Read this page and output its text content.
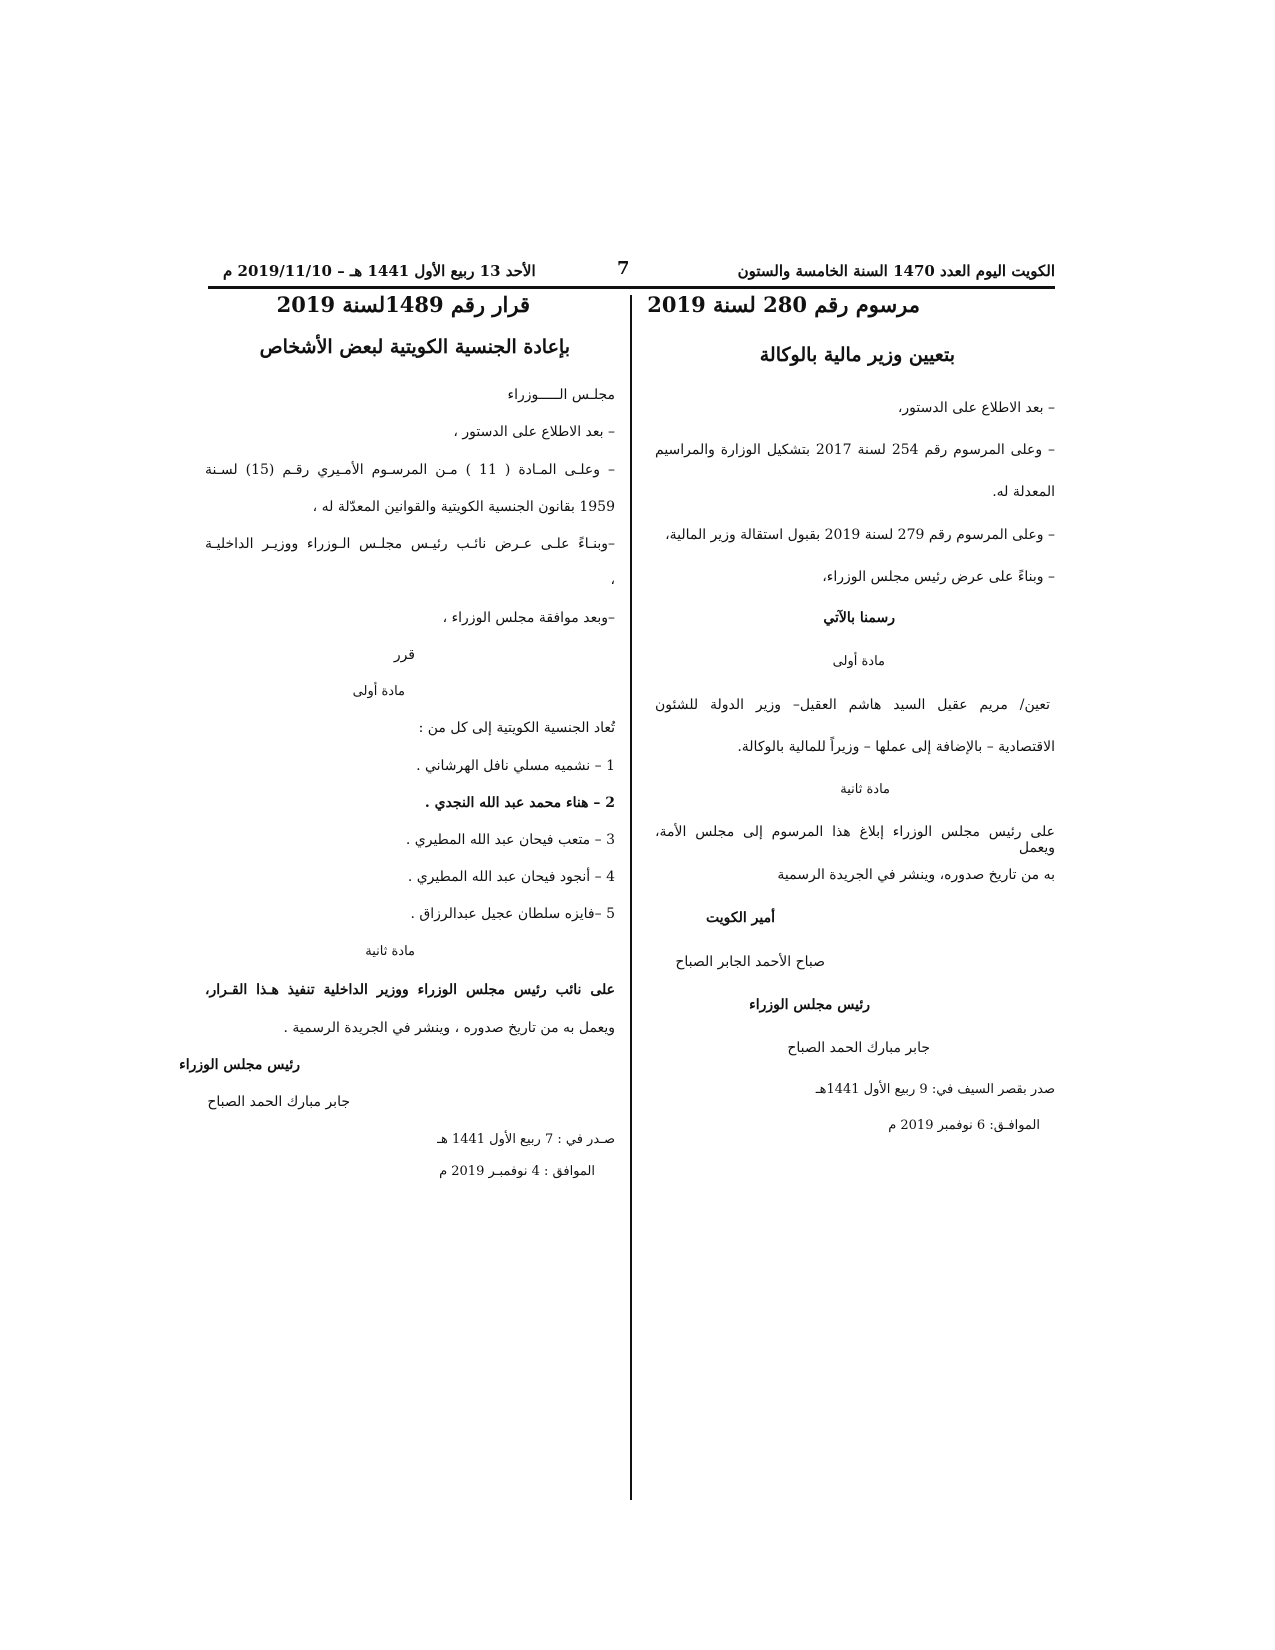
الكويت اليوم العدد 1470 السنة الخامسة والستون
7
الأحد 13 ربيع الأول 1441 هـ – 2019/11/10 م
مرسوم رقم 280 لسنة 2019
بتعيين وزير مالية بالوكالة
– بعد الاطلاع على الدستور،
– وعلى المرسوم رقم 254 لسنة 2017 بتشكيل الوزارة والمراسيم
المعدلة له.
– وعلى المرسوم رقم 279 لسنة 2019 بقبول استقالة وزير المالية،
– وبناءً على عرض رئيس مجلس الوزراء،
رسمنا بالآتي
مادة أولى
تعين/ مريم عقيل السيد هاشم العقيل– وزير الدولة للشئون
الاقتصادية – بالإضافة إلى عملها – وزيراً للمالية بالوكالة.
مادة ثانية
على رئيس مجلس الوزراء إبلاغ هذا المرسوم إلى مجلس الأمة، ويعمل
به من تاريخ صدوره، وينشر في الجريدة الرسمية
أمير الكويت
صباح الأحمد الجابر الصباح
رئيس مجلس الوزراء
جابر مبارك الحمد الصباح
صدر بقصر السيف في: 9 ربيع الأول 1441هـ
الموافـق: 6 نوفمبر 2019 م
قرار رقم 1489لسنة 2019
بإعادة الجنسية الكويتية لبعض الأشخاص
مجلـس الـــــوزراء
– بعد الاطلاع على الدستور ،
– وعلـى المـادة ( 11 ) مـن المرسـوم الأمـيري رقـم (15) لسـنة
1959 بقانون الجنسية الكويتية والقوانين المعدّلة له ،
–وبنـاءً علـى عـرض نائـب رئيـس مجلـس الـوزراء ووزيـر الداخليـة
،
–وبعد موافقة مجلس الوزراء ،
قرر
مادة أولى
تُعاد الجنسية الكويتية إلى كل من :
1 – نشميه مسلي نافل الهرشاني .
2 – هناء محمد عبد الله النجدي .
3 – متعب فيحان عبد الله المطيري .
4 – أنجود فيحان عبد الله المطيري .
5 –فايزه سلطان عجيل عبدالرزاق .
مادة ثانية
على نائب رئيس مجلس الوزراء ووزير الداخلية تنفيذ هـذا القـرار،
ويعمل به من تاريخ صدوره ، وينشر في الجريدة الرسمية .
رئيس مجلس الوزراء
جابر مبارك الحمد الصباح
صـدر في : 7 ربيع الأول 1441 هـ
الموافق : 4 نوفمبـر 2019 م
